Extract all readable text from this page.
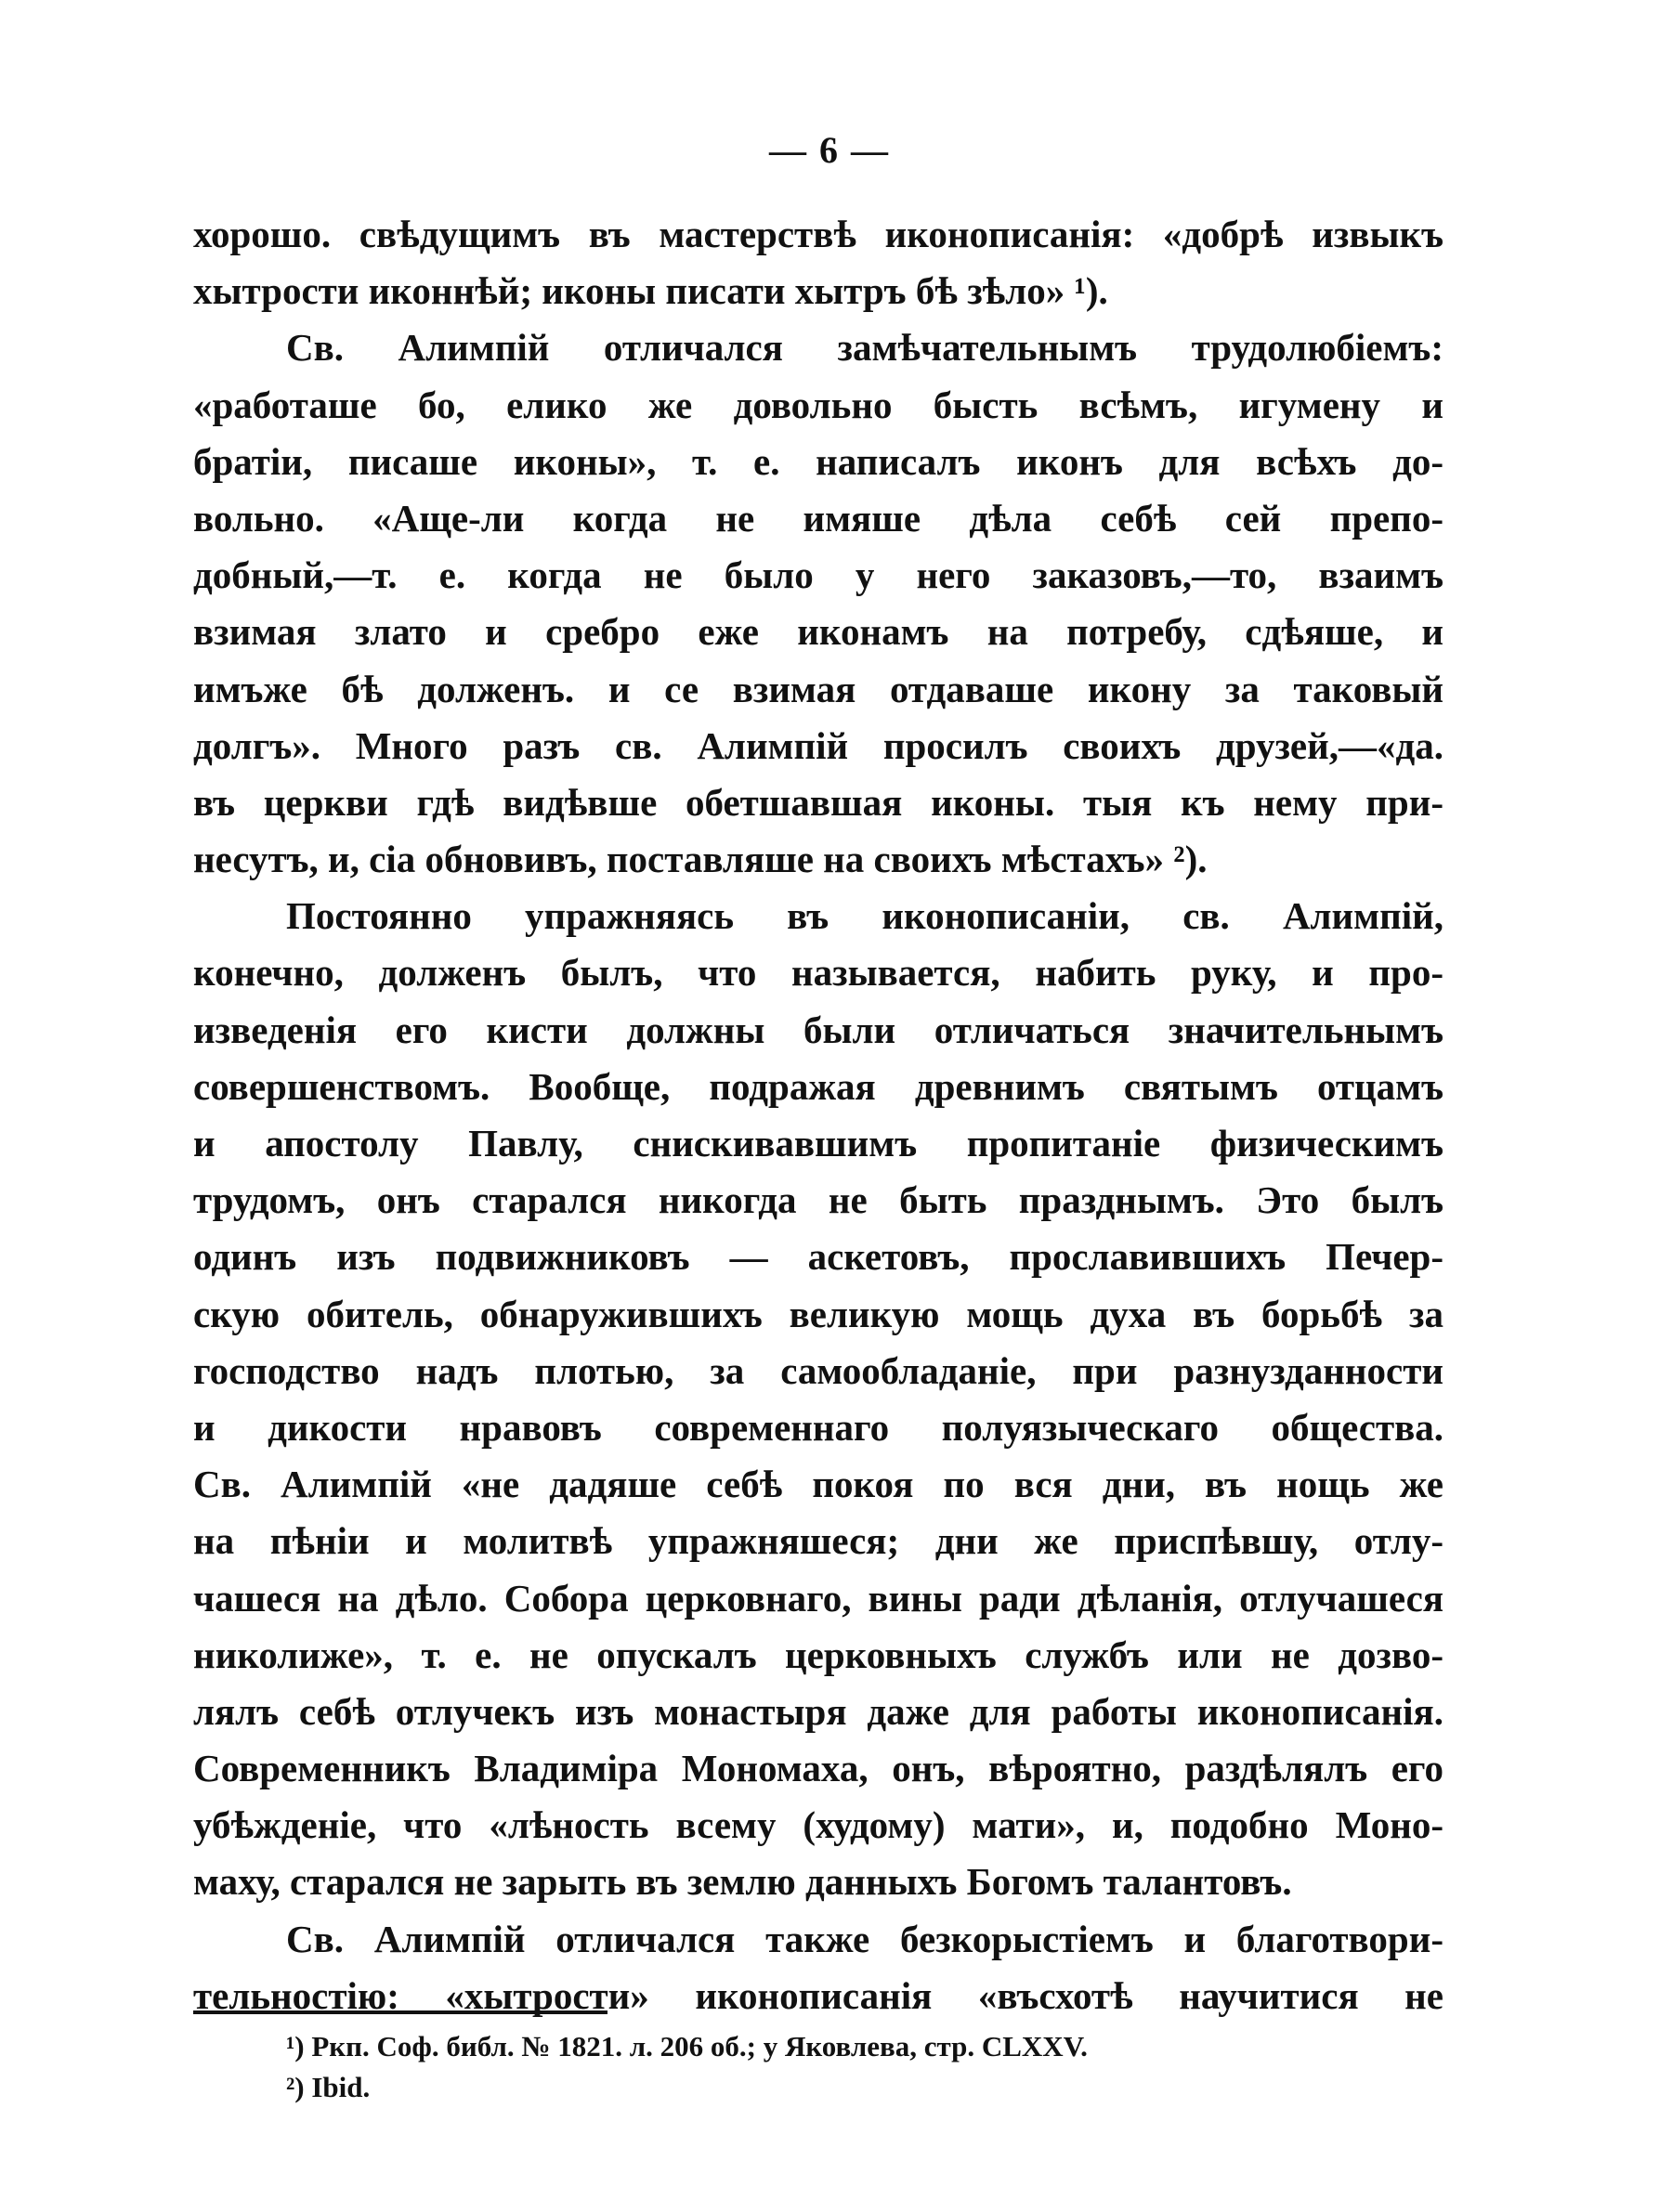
— 6 —
хорошо. свѣдущимъ въ мастерствѣ иконописанія: «добрѣ извыкъ
хытрости иконнѣй; иконы писати хытръ бѣ зѣло» ¹).
Св. Алимпій отличался замѣчательнымъ трудолюбіемъ:
«работаше бо, елико же довольно бысть всѣмъ, игумену и
братіи, писаше иконы», т. е. написалъ иконъ для всѣхъ до-
вольно. «Аще-ли когда не имяше дѣла себѣ сей препо-
добный,—т. е. когда не было у него заказовъ,—то, взаимъ
взимая злато и сребро еже иконамъ на потребу, сдѣяше, и
имъже бѣ долженъ. и се взимая отдаваше икону за таковый
долгъ». Много разъ св. Алимпій просилъ своихъ друзей,—«да.
въ церкви гдѣ видѣвше обетшавшая иконы. тыя къ нему при-
несутъ, и, сіа обновивъ, поставляше на своихъ мѣстахъ» ²).
Постоянно упражняясь въ иконописаніи, св. Алимпій,
конечно, долженъ былъ, что называется, набить руку, и про-
изведенія его кисти должны были отличаться значительнымъ
совершенствомъ. Вообще, подражая древнимъ святымъ отцамъ
и апостолу Павлу, снискивавшимъ пропитаніе физическимъ
трудомъ, онъ старался никогда не быть празднымъ. Это былъ
одинъ изъ подвижниковъ — аскетовъ, прославившихъ Печер-
скую обитель, обнаружившихъ великую мощь духа въ борьбѣ за
господство надъ плотью, за самообладаніе, при разнузданности
и дикости нравовъ современнаго полуязыческаго общества.
Св. Алимпій «не дадяше себѣ покоя по вся дни, въ нощь же
на пѣніи и молитвѣ упражняшеся; дни же приспѣвшу, отлу-
чашеся на дѣло. Собора церковнаго, вины ради дѣланія, отлучашеся
николиже», т. е. не опускалъ церковныхъ службъ или не дозво-
лялъ себѣ отлучекъ изъ монастыря даже для работы иконописанія.
Современникъ Владиміра Мономаха, онъ, вѣроятно, раздѣлялъ его
убѣжденіе, что «лѣность всему (худому) мати», и, подобно Моно-
маху, старался не зарыть въ землю данныхъ Богомъ талантовъ.
Св. Алимпій отличался также безкорыстіемъ и благотвори-
тельностію: «хытрости» иконописанія «въсхотѣ научитися не
¹) Ркп. Соф. библ. № 1821. л. 206 об.; у Яковлева, стр. CLXXV.
²) Ibid.
